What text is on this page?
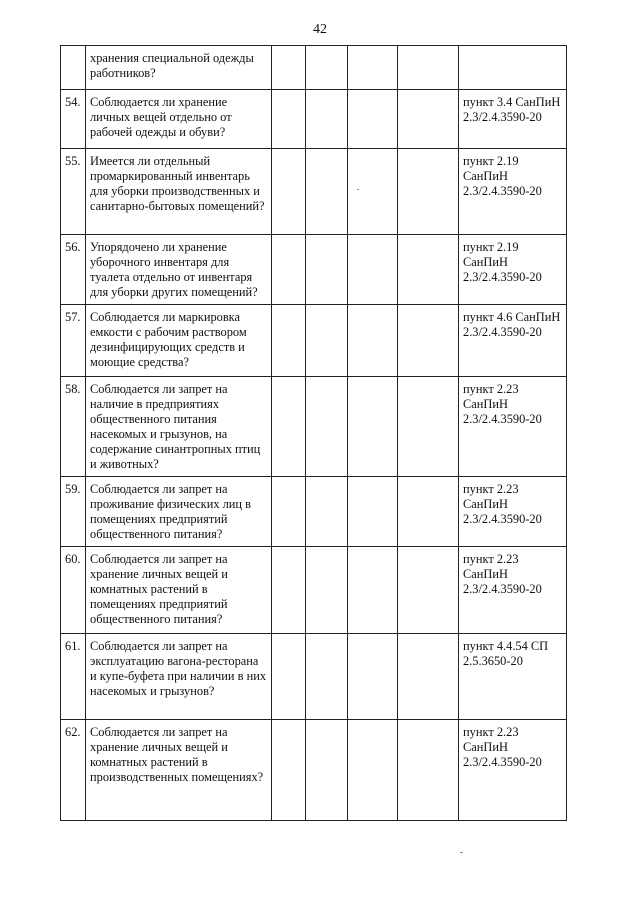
42
	хранения специальной одежды работников?					
54.	Соблюдается ли хранение личных вещей отдельно от рабочей одежды и обуви?					пункт 3.4 СанПиН 2.3/2.4.3590-20
55.	Имеется ли отдельный промаркированный инвентарь для уборки производственных и санитарно-бытовых помещений?					пункт 2.19 СанПиН 2.3/2.4.3590-20
56.	Упорядочено ли хранение уборочного инвентаря для туалета отдельно от инвентаря для уборки других помещений?					пункт 2.19 СанПиН 2.3/2.4.3590-20
57.	Соблюдается ли маркировка емкости с рабочим раствором дезинфицирующих средств и моющие средства?					пункт 4.6 СанПиН 2.3/2.4.3590-20
58.	Соблюдается ли запрет на наличие в предприятиях общественного питания насекомых и грызунов, на содержание синантропных птиц и животных?					пункт 2.23 СанПиН 2.3/2.4.3590-20
59.	Соблюдается ли запрет на проживание физических лиц в помещениях предприятий общественного питания?					пункт 2.23 СанПиН 2.3/2.4.3590-20
60.	Соблюдается ли запрет на хранение личных вещей и комнатных растений в помещениях предприятий общественного питания?					пункт 2.23 СанПиН 2.3/2.4.3590-20
61.	Соблюдается ли запрет на эксплуатацию вагона-ресторана и купе-буфета при наличии в них насекомых и грызунов?					пункт 4.4.54 СП 2.5.3650-20
62.	Соблюдается ли запрет на хранение личных вещей и комнатных растений в производственных помещениях?					пункт 2.23 СанПиН 2.3/2.4.3590-20
